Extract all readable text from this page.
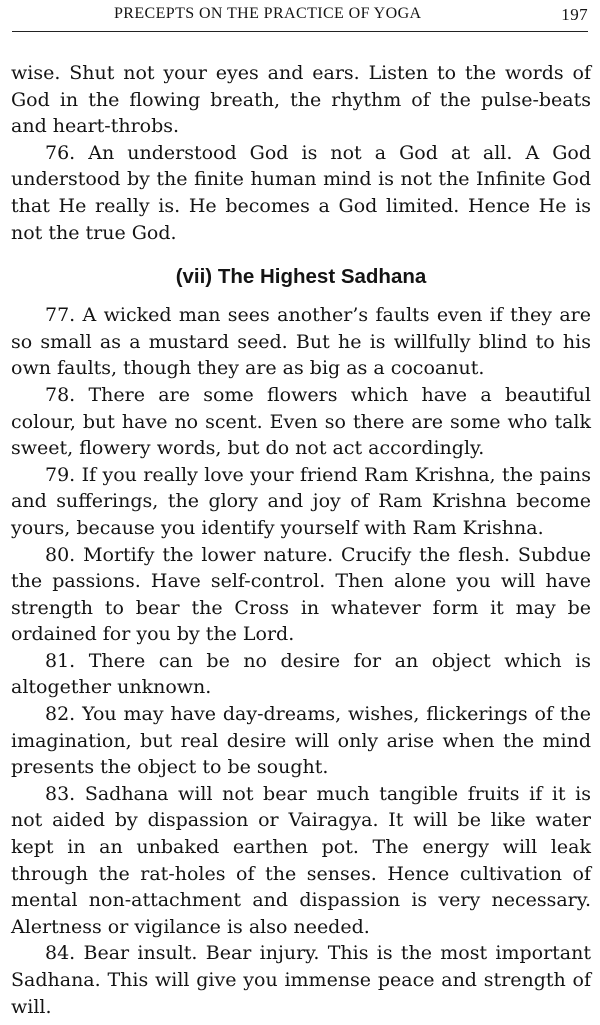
PRECEPTS ON THE PRACTICE OF YOGA	197

wise. Shut not your eyes and ears. Listen to the words of God in the flowing breath, the rhythm of the pulse-beats and heart-throbs.

76. An understood God is not a God at all. A God understood by the finite human mind is not the Infinite God that He really is. He becomes a God limited. Hence He is not the true God.

(vii) The Highest Sadhana

77. A wicked man sees another’s faults even if they are so small as a mustard seed. But he is willfully blind to his own faults, though they are as big as a cocoanut.

78. There are some flowers which have a beautiful colour, but have no scent. Even so there are some who talk sweet, flowery words, but do not act accordingly.

79. If you really love your friend Ram Krishna, the pains and sufferings, the glory and joy of Ram Krishna become yours, because you identify yourself with Ram Krishna.

80. Mortify the lower nature. Crucify the flesh. Subdue the passions. Have self-control. Then alone you will have strength to bear the Cross in whatever form it may be ordained for you by the Lord.

81. There can be no desire for an object which is altogether unknown.

82. You may have day-dreams, wishes, flickerings of the imagination, but real desire will only arise when the mind presents the object to be sought.

83. Sadhana will not bear much tangible fruits if it is not aided by dispassion or Vairagya. It will be like water kept in an unbaked earthen pot. The energy will leak through the rat-holes of the senses. Hence cultivation of mental non-attachment and dispassion is very necessary. Alertness or vigilance is also needed.

84. Bear insult. Bear injury. This is the most important Sadhana. This will give you immense peace and strength of will.
